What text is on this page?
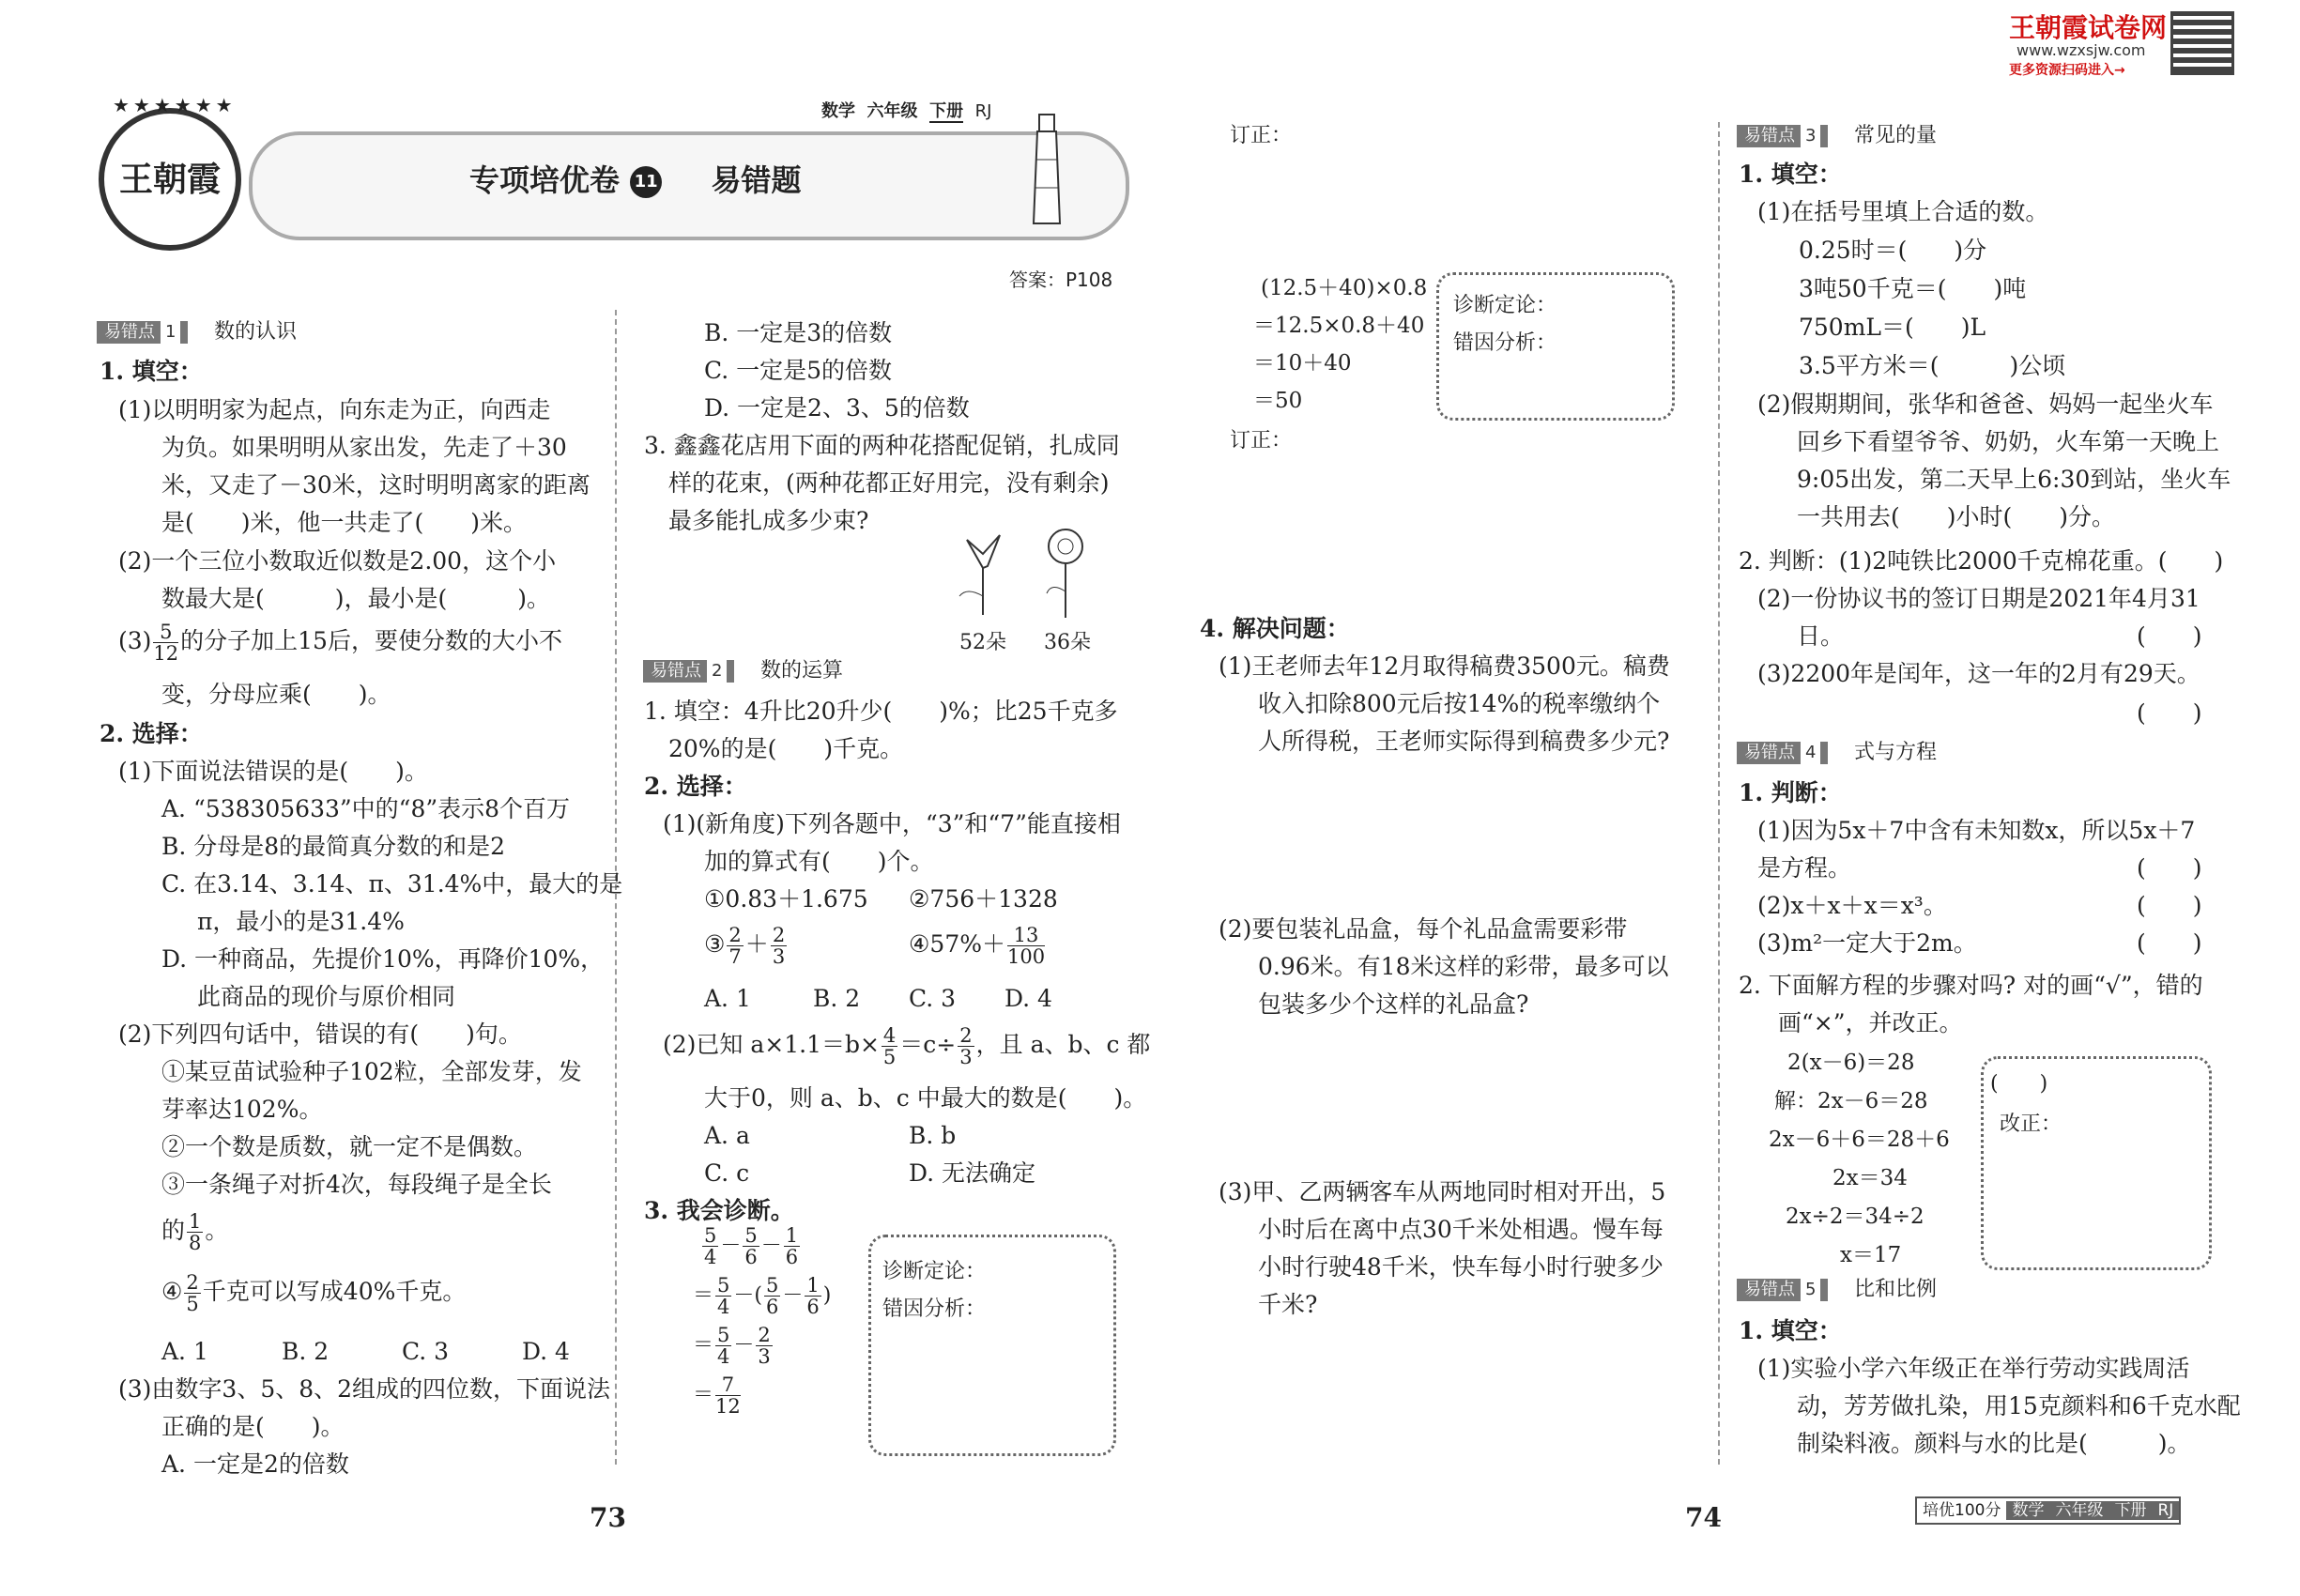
王朝霞试卷网
www.wzxsjw.com
更多资源扫码进入→
王朝霞
★★★★★★	数学 六年级 下册 RJ
专项培优卷 11 易错题
答案：P108
易错点 1	数的认识
1. 填空：
(1)以明明家为起点，向东走为正，向西走
为负。如果明明从家出发，先走了＋30
米，又走了－30米，这时明明离家的距离
是(　　)米，他一共走了(　　)米。
(2)一个三位小数取近似数是2.00，这个小
数最大是(　　　)，最小是(　　　)。
$(3) \frac{5}{12}$ 的分子加上15后，要使分数的大小不
变，分母应乘(　　)。
2. 选择：
(1)下面说法错误的是(　　)。
A. “538305633”中的“8”表示8个百万
B. 分母是8的最简真分数的和是2
C. 在3.14、3.14、π、31.4%中，最大的是
π，最小的是31.4%
D. 一种商品，先提价10%，再降价10%，
此商品的现价与原价相同
(2)下列四句话中，错误的有(　　)句。
①某豆苗试验种子102粒，全部发芽，发
芽率达102%。
②一个数是质数，就一定不是偶数。
③一条绳子对折4次，每段绳子是全长
的 $\frac{1}{8}$ 。
④ $\frac{2}{5}$ 千克可以写成40%千克。
A. 1	B. 2	C. 3	D. 4
(3)由数字3、5、8、2组成的四位数，下面说法
正确的是(　　)。
A. 一定是2的倍数
B. 一定是3的倍数
C. 一定是5的倍数
D. 一定是2、3、5的倍数
3. 鑫鑫花店用下面的两种花搭配促销，扎成同
样的花束，(两种花都正好用完，没有剩余)
最多能扎成多少束?
52朵 36朵
易错点 2	数的运算
1. 填空：4升比20升少(　　)%；比25千克多
20%的是(　　)千克。
2. 选择：
(1)(新角度)下列各题中，“3”和“7”能直接相
加的算式有(　　)个。
①0.83＋1.675 ②756＋1328
③ $\frac{2}{7} + \frac{2}{3}$	④57%＋ $\frac{13}{100}$
A. 1	B. 2 C. 3 D. 4
(2)已知 $a\times 1.1=b\times \frac{4}{5} =c\div \frac{2}{3}$ ，且 a、b、c 都
大于0，则 a、b、c 中最大的数是(　　)。
A. a	B. b
C. c	D. 无法确定
3. 我会诊断。
$\frac{5}{4} - \frac{5}{6} - \frac{1}{6}$
＝ $\frac{5}{4}$ －( $\frac{5}{6} - \frac{1}{6}$ )
＝ $\frac{5}{4} - \frac{2}{3}$
＝ $\frac{7}{12}$
诊断定论：
错因分析：
73
订正：
(12.5＋40)×0.8
＝12.5×0.8＋40
＝10＋40
＝50
诊断定论：
错因分析：
订正：
4. 解决问题：
(1)王老师去年12月取得稿费3500元。稿费
收入扣除800元后按14%的税率缴纳个
人所得税，王老师实际得到稿费多少元?
(2)要包装礼品盒，每个礼品盒需要彩带
0.96米。有18米这样的彩带，最多可以
包装多少个这样的礼品盒?
(3)甲、乙两辆客车从两地同时相对开出，5
小时后在离中点30千米处相遇。慢车每
小时行驶48千米，快车每小时行驶多少
千米?
74
易错点 3	常见的量
1. 填空：
(1)在括号里填上合适的数。
0.25时＝(　　)分
3吨50千克＝(　　)吨
750mL＝(　　)L
3.5平方米＝(　　　)公顷
(2)假期期间，张华和爸爸、妈妈一起坐火车
回乡下看望爷爷、奶奶，火车第一天晚上
9:05出发，第二天早上6:30到站，坐火车
一共用去(　　)小时(　　)分。
2. 判断：(1)2吨铁比2000千克棉花重。(　　)
(2)一份协议书的签订日期是2021年4月31
日。	(　　)
(3)2200年是闰年，这一年的2月有29天。
(　　)
易错点 4	式与方程
1. 判断：
(1)因为5x＋7中含有未知数x，所以5x＋7
是方程。	(　　)
(2)x＋x＋x＝x³。	(　　)
(3)m²一定大于2m。	(　　)
2. 下面解方程的步骤对吗? 对的画“√”，错的
画“×”，并改正。
2(x－6)＝28
解：2x－6＝28
2x－6＋6＝28＋6
2x＝34
2x÷2＝34÷2
x＝17
(　　)
改正：
易错点 5	比和比例
1. 填空：
(1)实验小学六年级正在举行劳动实践周活
动，芳芳做扎染，用15克颜料和6千克水配
制染料液。颜料与水的比是(　　　)。
培优100分 数学 六年级 下册 RJ
